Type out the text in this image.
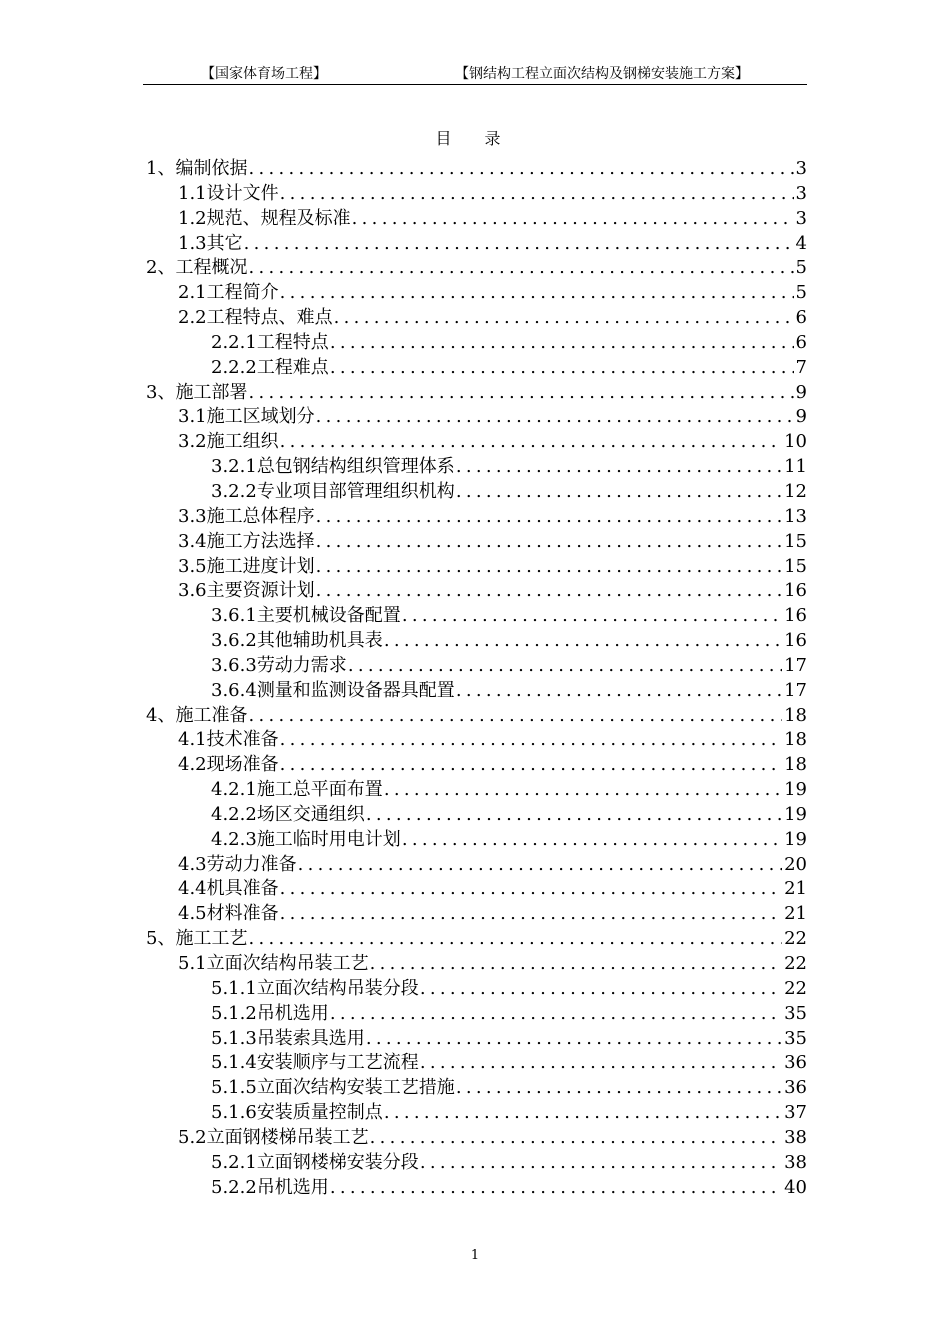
【国家体育场工程】	【钢结构工程立面次结构及钢梯安装施工方案】
目 录
1、 编制依据 .....	3
1.1 设计文件 .....	3
1.2 规范、规程及标准 .....	3
1.3 其它 .....	4
2、 工程概况 .....	5
2.1 工程简介 .....	5
2.2 工程特点、难点 .....	6
2.2.1 工程特点 .....	6
2.2.2 工程难点 .....	7
3、 施工部署 .....	9
3.1 施工区域划分 .....	9
3.2 施工组织 .....	10
3.2.1 总包钢结构组织管理体系 .....	11
3.2.2 专业项目部管理组织机构 .....	12
3.3 施工总体程序 .....	13
3.4 施工方法选择 .....	15
3.5 施工进度计划 .....	15
3.6 主要资源计划 .....	16
3.6.1 主要机械设备配置 .....	16
3.6.2 其他辅助机具表 .....	16
3.6.3 劳动力需求 .....	17
3.6.4 测量和监测设备器具配置 .....	17
4、 施工准备 .....	18
4.1 技术准备 .....	18
4.2 现场准备 .....	18
4.2.1 施工总平面布置 .....	19
4.2.2 场区交通组织 .....	19
4.2.3 施工临时用电计划 .....	19
4.3 劳动力准备 .....	20
4.4 机具准备 .....	21
4.5 材料准备 .....	21
5、 施工工艺 .....	22
5.1 立面次结构吊装工艺 .....	22
5.1.1 立面次结构吊装分段 .....	22
5.1.2 吊机选用 .....	35
5.1.3 吊装索具选用 .....	35
5.1.4 安装顺序与工艺流程 .....	36
5.1.5 立面次结构安装工艺措施 .....	36
5.1.6 安装质量控制点 .....	37
5.2 立面钢楼梯吊装工艺 .....	38
5.2.1 立面钢楼梯安装分段 .....	38
5.2.2 吊机选用 .....	40
1
